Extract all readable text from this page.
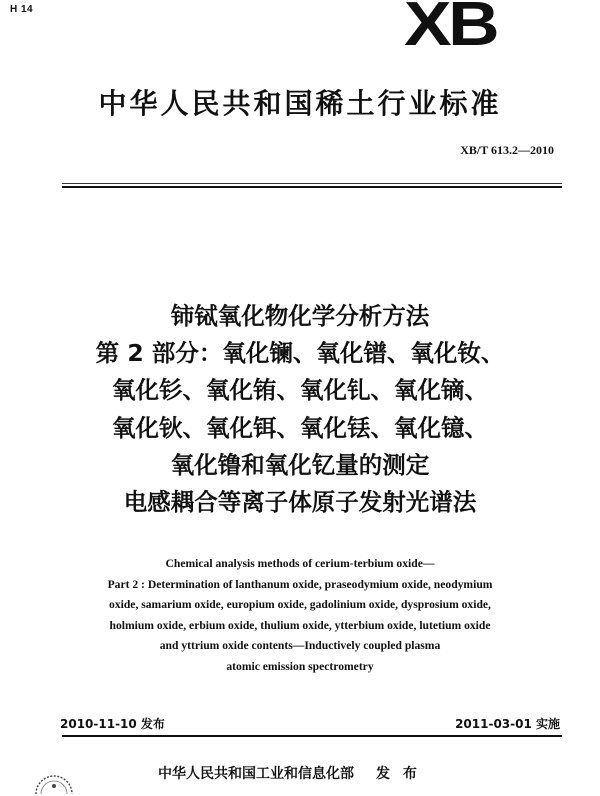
H 14	XB
中华人民共和国稀土行业标准
XB/T 613.2—2010
铈铽氧化物化学分析方法
第 2 部分：氧化镧、氧化镨、氧化钕、
氧化钐、氧化铕、氧化钆、氧化镝、
氧化钬、氧化铒、氧化铥、氧化镱、
氧化镥和氧化钇量的测定
电感耦合等离子体原子发射光谱法
Chemical analysis methods of cerium-terbium oxide—
Part 2 : Determination of lanthanum oxide, praseodymium oxide, neodymium
oxide, samarium oxide, europium oxide, gadolinium oxide, dysprosium oxide,
holmium oxide, erbium oxide, thulium oxide, ytterbium oxide, lutetium oxide
and yttrium oxide contents—Inductively coupled plasma
atomic emission spectrometry
2010-11-10 发布	2011-03-01 实施
中华人民共和国工业和信息化部 发 布
